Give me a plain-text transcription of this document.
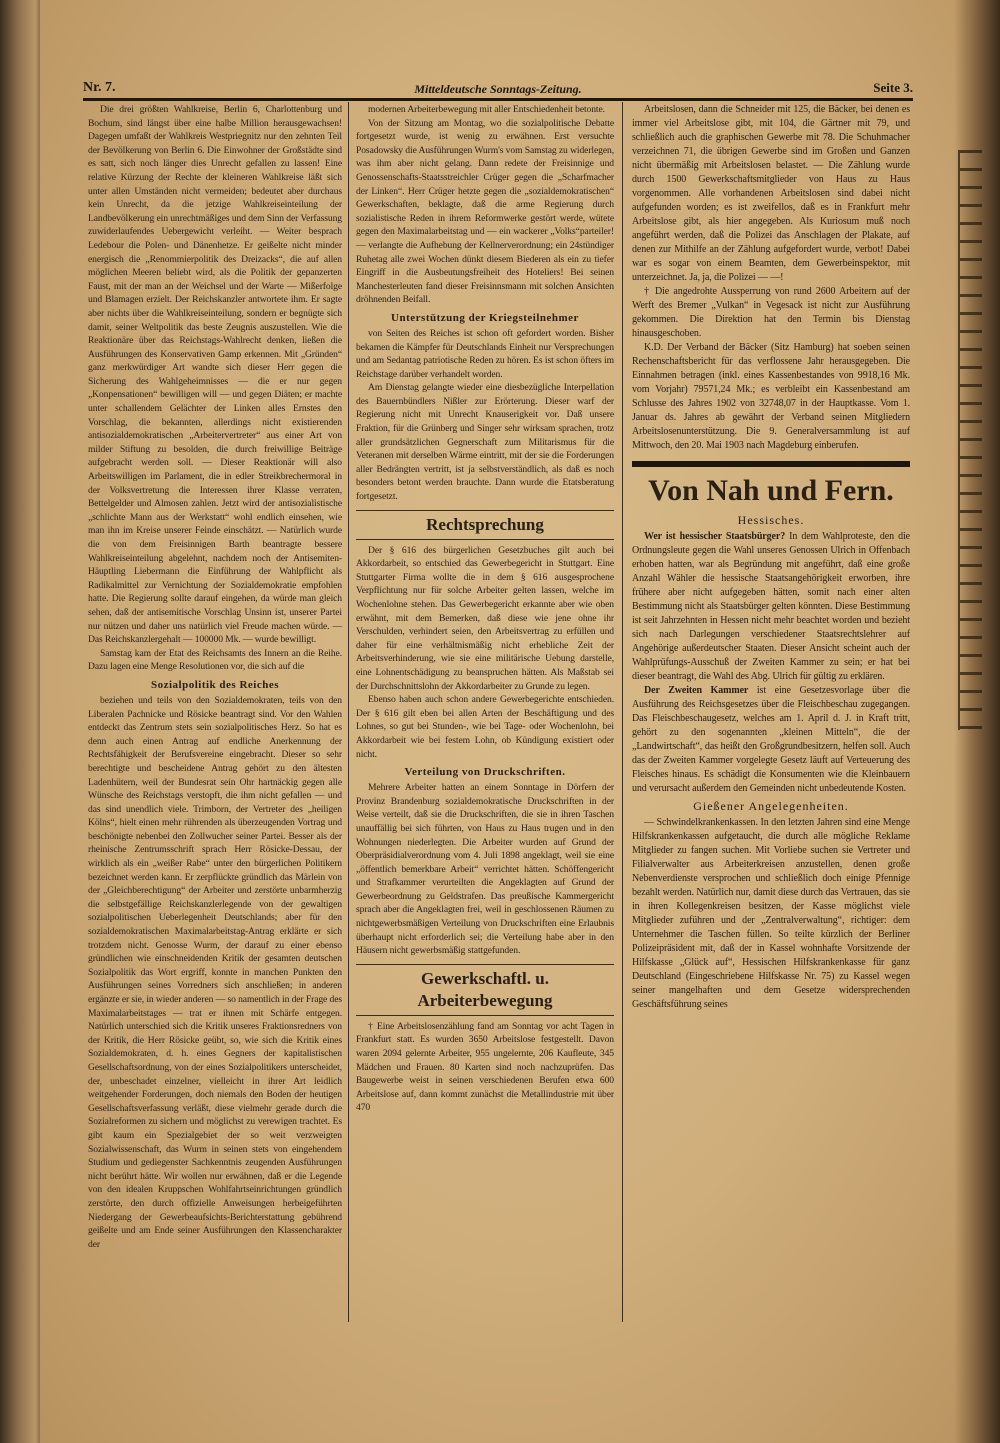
Nr. 7.	Mitteldeutsche Sonntags-Zeitung.	Seite 3.

Die drei größten Wahlkreise, Berlin 6, Charlottenburg und Bochum, sind längst über eine halbe Million herausgewachsen! Dagegen umfaßt der Wahlkreis Westpriegnitz nur den zehnten Teil der Bevölkerung von Berlin 6. Die Einwohner der Großstädte sind es satt, sich noch länger dies Unrecht gefallen zu lassen! Eine relative Kürzung der Rechte der kleineren Wahlkreise läßt sich unter allen Umständen nicht vermeiden; bedeutet aber durchaus kein Unrecht, da die jetzige Wahlkreiseinteilung der Landbevölkerung ein unrechtmäßiges und dem Sinn der Verfassung zuwiderlaufendes Uebergewicht verleiht. — Weiter besprach Ledebour die Polen- und Dänenhetze. Er geißelte nicht minder energisch die „Renommierpolitik des Dreizacks“, die auf allen möglichen Meeren beliebt wird, als die Politik der gepanzerten Faust, mit der man an der Weichsel und der Warte — Mißerfolge und Blamagen erzielt. Der Reichskanzler antwortete ihm. Er sagte aber nichts über die Wahlkreiseinteilung, sondern er begnügte sich damit, seiner Weltpolitik das beste Zeugnis auszustellen. Wie die Reaktionäre über das Reichstags-Wahlrecht denken, ließen die Ausführungen des Konservativen Gamp erkennen. Mit „Gründen“ ganz merkwürdiger Art wandte sich dieser Herr gegen die Sicherung des Wahlgeheimnisses — die er nur gegen „Konpensationen“ bewilligen will — und gegen Diäten; er machte unter schallendem Gelächter der Linken alles Ernstes den Vorschlag, die bekannten, allerdings nicht existierenden antisozialdemokratischen „Arbeitervertreter“ aus einer Art von milder Stiftung zu besolden, die durch freiwillige Beiträge aufgebracht werden soll. — Dieser Reaktionär will also Arbeitswilligen im Parlament, die in edler Streikbrechermoral in der Volksvertretung die Interessen ihrer Klasse verraten, Bettelgelder und Almosen zahlen. Jetzt wird der antisozialistische „schlichte Mann aus der Werkstatt“ wohl endlich einsehen, wie man ihn im Kreise unserer Feinde einschätzt. — Natürlich wurde die von dem Freisinnigen Barth beantragte bessere Wahlkreiseinteilung abgelehnt, nachdem noch der Antisemiten-Häuptling Liebermann die Einführung der Wahlpflicht als Radikalmittel zur Vernichtung der Sozialdemokratie empfohlen hatte. Die Regierung sollte darauf eingehen, da würde man gleich sehen, daß der antisemitische Vorschlag Unsinn ist, unserer Partei nur nützen und daher uns natürlich viel Freude machen würde. — Das Reichskanzlergehalt — 100000 Mk. — wurde bewilligt.

Samstag kam der Etat des Reichsamts des Innern an die Reihe. Dazu lagen eine Menge Resolutionen vor, die sich auf die

Sozialpolitik des Reiches

beziehen und teils von den Sozialdemokraten, teils von den Liberalen Pachnicke und Rösicke beantragt sind. Vor den Wahlen entdeckt das Zentrum stets sein sozialpolitisches Herz. So hat es denn auch einen Antrag auf endliche Anerkennung der Rechtsfähigkeit der Berufsvereine eingebracht. Dieser so sehr berechtigte und bescheidene Antrag gehört zu den ältesten Ladenhütern, weil der Bundesrat sein Ohr hartnäckig gegen alle Wünsche des Reichstags verstopft, die ihm nicht gefallen — und das sind unendlich viele. Trimborn, der Vertreter des „heiligen Kölns“, hielt einen mehr rührenden als überzeugenden Vortrag und beschönigte nebenbei den Zollwucher seiner Partei. Besser als der rheinische Zentrumsschrift sprach Herr Rösicke-Dessau, der wirklich als ein „weißer Rabe“ unter den bürgerlichen Politikern bezeichnet werden kann. Er zerpflückte gründlich das Märlein von der „Gleichberechtigung“ der Arbeiter und zerstörte unbarmherzig die selbstgefällige Reichskanzlerlegende von der gewaltigen sozialpolitischen Ueberlegenheit Deutschlands; aber für den sozialdemokratischen Maximalarbeitstag-Antrag erklärte er sich trotzdem nicht. Genosse Wurm, der darauf zu einer ebenso gründlichen wie einschneidenden Kritik der gesamten deutschen Sozialpolitik das Wort ergriff, konnte in manchen Punkten den Ausführungen seines Vorredners sich anschließen; in anderen ergänzte er sie, in wieder anderen — so namentlich in der Frage des Maximalarbeitstages — trat er ihnen mit Schärfe entgegen. Natürlich unterschied sich die Kritik unseres Fraktionsredners von der Kritik, die Herr Rösicke geübt, so, wie sich die Kritik eines Sozialdemokraten, d. h. eines Gegners der kapitalistischen Gesellschaftsordnung, von der eines Sozialpolitikers unterscheidet, der, unbeschadet einzelner, vielleicht in ihrer Art leidlich weitgehender Forderungen, doch niemals den Boden der heutigen Gesellschaftsverfassung verläßt, diese vielmehr gerade durch die Sozialreformen zu sichern und möglichst zu verewigen trachtet. Es gibt kaum ein Spezialgebiet der so weit verzweigten Sozialwissenschaft, das Wurm in seinen stets von eingehendem Studium und gediegenster Sachkenntnis zeugenden Ausführungen nicht berührt hätte. Wir wollen nur erwähnen, daß er die Legende von den idealen Kruppschen Wohlfahrtseinrichtungen gründlich zerstörte, den durch offizielle Anweisungen herbeigeführten Niedergang der Gewerbeaufsichts-Berichterstattung gebührend geißelte und am Ende seiner Ausführungen den Klassencharakter der

modernen Arbeiterbewegung mit aller Entschiedenheit betonte.

Von der Sitzung am Montag, wo die sozialpolitische Debatte fortgesetzt wurde, ist wenig zu erwähnen. Erst versuchte Posadowsky die Ausführungen Wurm's vom Samstag zu widerlegen, was ihm aber nicht gelang. Dann redete der Freisinnige und Genossenschafts-Staatsstreichler Crüger gegen die „Scharfmacher der Linken“. Herr Crüger hetzte gegen die „sozialdemokratischen“ Gewerkschaften, beklagte, daß die arme Regierung durch sozialistische Reden in ihrem Reformwerke gestört werde, wütete gegen den Maximalarbeitstag und — ein wackerer „Volks“parteiler! — verlangte die Aufhebung der Kellnerverordnung; ein 24stündiger Ruhetag alle zwei Wochen dünkt diesem Biederen als ein zu tiefer Eingriff in die Ausbeutungsfreiheit des Hoteliers! Bei seinen Manchesterleuten fand dieser Freisinnsmann mit solchen Ansichten dröhnenden Beifall.

Unterstützung der Kriegsteilnehmer

von Seiten des Reiches ist schon oft gefordert worden. Bisher bekamen die Kämpfer für Deutschlands Einheit nur Versprechungen und am Sedantag patriotische Reden zu hören. Es ist schon öfters im Reichstage darüber verhandelt worden.

Am Dienstag gelangte wieder eine diesbezügliche Interpellation des Bauernbündlers Nißler zur Erörterung. Dieser warf der Regierung nicht mit Unrecht Knauserigkeit vor. Daß unsere Fraktion, für die Grünberg und Singer sehr wirksam sprachen, trotz aller grundsätzlichen Gegnerschaft zum Militarismus für die Veteranen mit derselben Wärme eintritt, mit der sie die Forderungen aller Bedrängten vertritt, ist ja selbstverständlich, als daß es noch besonders betont werden brauchte. Dann wurde die Etatsberatung fortgesetzt.

Rechtsprechung

Der § 616 des bürgerlichen Gesetzbuches gilt auch bei Akkordarbeit, so entschied das Gewerbegericht in Stuttgart. Eine Stuttgarter Firma wollte die in dem § 616 ausgesprochene Verpflichtung nur für solche Arbeiter gelten lassen, welche im Wochenlohne stehen. Das Gewerbegericht erkannte aber wie oben erwähnt, mit dem Bemerken, daß diese wie jene ohne ihr Verschulden, verhindert seien, den Arbeitsvertrag zu erfüllen und daher für eine verhältnismäßig nicht erhebliche Zeit der Arbeitsverhinderung, wie sie eine militärische Uebung darstelle, eine Lohnentschädigung zu beanspruchen hätten. Als Maßstab sei der Durchschnittslohn der Akkordarbeiter zu Grunde zu legen.

Ebenso haben auch schon andere Gewerbegerichte entschieden. Der § 616 gilt eben bei allen Arten der Beschäftigung und des Lohnes, so gut bei Stunden-, wie bei Tage- oder Wochenlohn, bei Akkordarbeit wie bei festem Lohn, ob Kündigung existiert oder nicht.

Verteilung von Druckschriften.

Mehrere Arbeiter hatten an einem Sonntage in Dörfern der Provinz Brandenburg sozialdemokratische Druckschriften in der Weise verteilt, daß sie die Druckschriften, die sie in ihren Taschen unauffällig bei sich führten, von Haus zu Haus trugen und in den Wohnungen niederlegten. Die Arbeiter wurden auf Grund der Oberpräsidialverordnung vom 4. Juli 1898 angeklagt, weil sie eine „öffentlich bemerkbare Arbeit“ verrichtet hätten. Schöffengericht und Strafkammer verurteilten die Angeklagten auf Grund der Gewerbeordnung zu Geldstrafen. Das preußische Kammergericht sprach aber die Angeklagten frei, weil in geschlossenen Räumen zu nichtgewerbsmäßigen Verteilung von Druckschriften eine Erlaubnis überhaupt nicht erforderlich sei; die Verteilung habe aber in den Häusern nicht gewerbsmäßig stattgefunden.

Gewerkschaftl. u. Arbeiterbewegung

† Eine Arbeitslosenzählung fand am Sonntag vor acht Tagen in Frankfurt statt. Es wurden 3650 Arbeitslose festgestellt. Davon waren 2094 gelernte Arbeiter, 955 ungelernte, 206 Kaufleute, 345 Mädchen und Frauen. 80 Karten sind noch nachzuprüfen. Das Baugewerbe weist in seinen verschiedenen Berufen etwa 600 Arbeitslose auf, dann kommt zunächst die Metallindustrie mit über 470

Arbeitslosen, dann die Schneider mit 125, die Bäcker, bei denen es immer viel Arbeitslose gibt, mit 104, die Gärtner mit 79, und schließlich auch die graphischen Gewerbe mit 78. Die Schuhmacher verzeichnen 71, die übrigen Gewerbe sind im Großen und Ganzen nicht übermäßig mit Arbeitslosen belastet. — Die Zählung wurde durch 1500 Gewerkschaftsmitglieder von Haus zu Haus vorgenommen. Alle vorhandenen Arbeitslosen sind dabei nicht aufgefunden worden; es ist zweifellos, daß es in Frankfurt mehr Arbeitslose gibt, als hier angegeben. Als Kuriosum muß noch angeführt werden, daß die Polizei das Anschlagen der Plakate, auf denen zur Mithilfe an der Zählung aufgefordert wurde, verbot! Dabei war es sogar von einem Beamten, dem Gewerbeinspektor, mit unterzeichnet. Ja, ja, die Polizei — —!

† Die angedrohte Aussperrung von rund 2600 Arbeitern auf der Werft des Bremer „Vulkan“ in Vegesack ist nicht zur Ausführung gekommen. Die Direktion hat den Termin bis Dienstag hinausgeschoben.

K.D. Der Verband der Bäcker (Sitz Hamburg) hat soeben seinen Rechenschaftsbericht für das verflossene Jahr herausgegeben. Die Einnahmen betragen (inkl. eines Kassenbestandes von 9918,16 Mk. vom Vorjahr) 79571,24 Mk.; es verbleibt ein Kassenbestand am Schlusse des Jahres 1902 von 32748,07 in der Hauptkasse. Vom 1. Januar ds. Jahres ab gewährt der Verband seinen Mitgliedern Arbeitslosenunterstützung. Die 9. Generalversammlung ist auf Mittwoch, den 20. Mai 1903 nach Magdeburg einberufen.

Von Nah und Fern.
Hessisches.

Wer ist hessischer Staatsbürger? In dem Wahlproteste, den die Ordnungsleute gegen die Wahl unseres Genossen Ulrich in Offenbach erhoben hatten, war als Begründung mit angeführt, daß eine große Anzahl Wähler die hessische Staatsangehörigkeit erworben, ihre frühere aber nicht aufgegeben hätten, somit nach einer alten Bestimmung nicht als Staatsbürger gelten könnten. Diese Bestimmung ist seit Jahrzehnten in Hessen nicht mehr beachtet worden und bezieht sich nach Darlegungen verschiedener Staatsrechtslehrer auf Angehörige außerdeutscher Staaten. Dieser Ansicht scheint auch der Wahlprüfungs-Ausschuß der Zweiten Kammer zu sein; er hat bei dieser beantragt, die Wahl des Abg. Ulrich für gültig zu erklären.

Der Zweiten Kammer ist eine Gesetzesvorlage über die Ausführung des Reichsgesetzes über die Fleischbeschau zugegangen. Das Fleischbeschaugesetz, welches am 1. April d. J. in Kraft tritt, gehört zu den sogenannten „kleinen Mitteln“, die der „Landwirtschaft“, das heißt den Großgrundbesitzern, helfen soll. Auch das der Zweiten Kammer vorgelegte Gesetz läuft auf Verteuerung des Fleisches hinaus. Es schädigt die Konsumenten wie die Kleinbauern und verursacht außerdem den Gemeinden nicht unbedeutende Kosten.

Gießener Angelegenheiten.

— Schwindelkrankenkassen. In den letzten Jahren sind eine Menge Hilfskrankenkassen aufgetaucht, die durch alle mögliche Reklame Mitglieder zu fangen suchen. Mit Vorliebe suchen sie Vertreter und Filialverwalter aus Arbeiterkreisen anzustellen, denen große Nebenverdienste versprochen und schließlich doch einige Pfennige bezahlt werden. Natürlich nur, damit diese durch das Vertrauen, das sie in ihren Kollegenkreisen besitzen, der Kasse möglichst viele Mitglieder zuführen und der „Zentralverwaltung“, richtiger: dem Unternehmer die Taschen füllen. So teilte kürzlich der Berliner Polizeipräsident mit, daß der in Kassel wohnhafte Vorsitzende der Hilfskasse „Glück auf“, Hessischen Hilfskrankenkasse für ganz Deutschland (Eingeschriebene Hilfskasse Nr. 75) zu Kassel wegen seiner mangelhaften und dem Gesetze widersprechenden Geschäftsführung seines
